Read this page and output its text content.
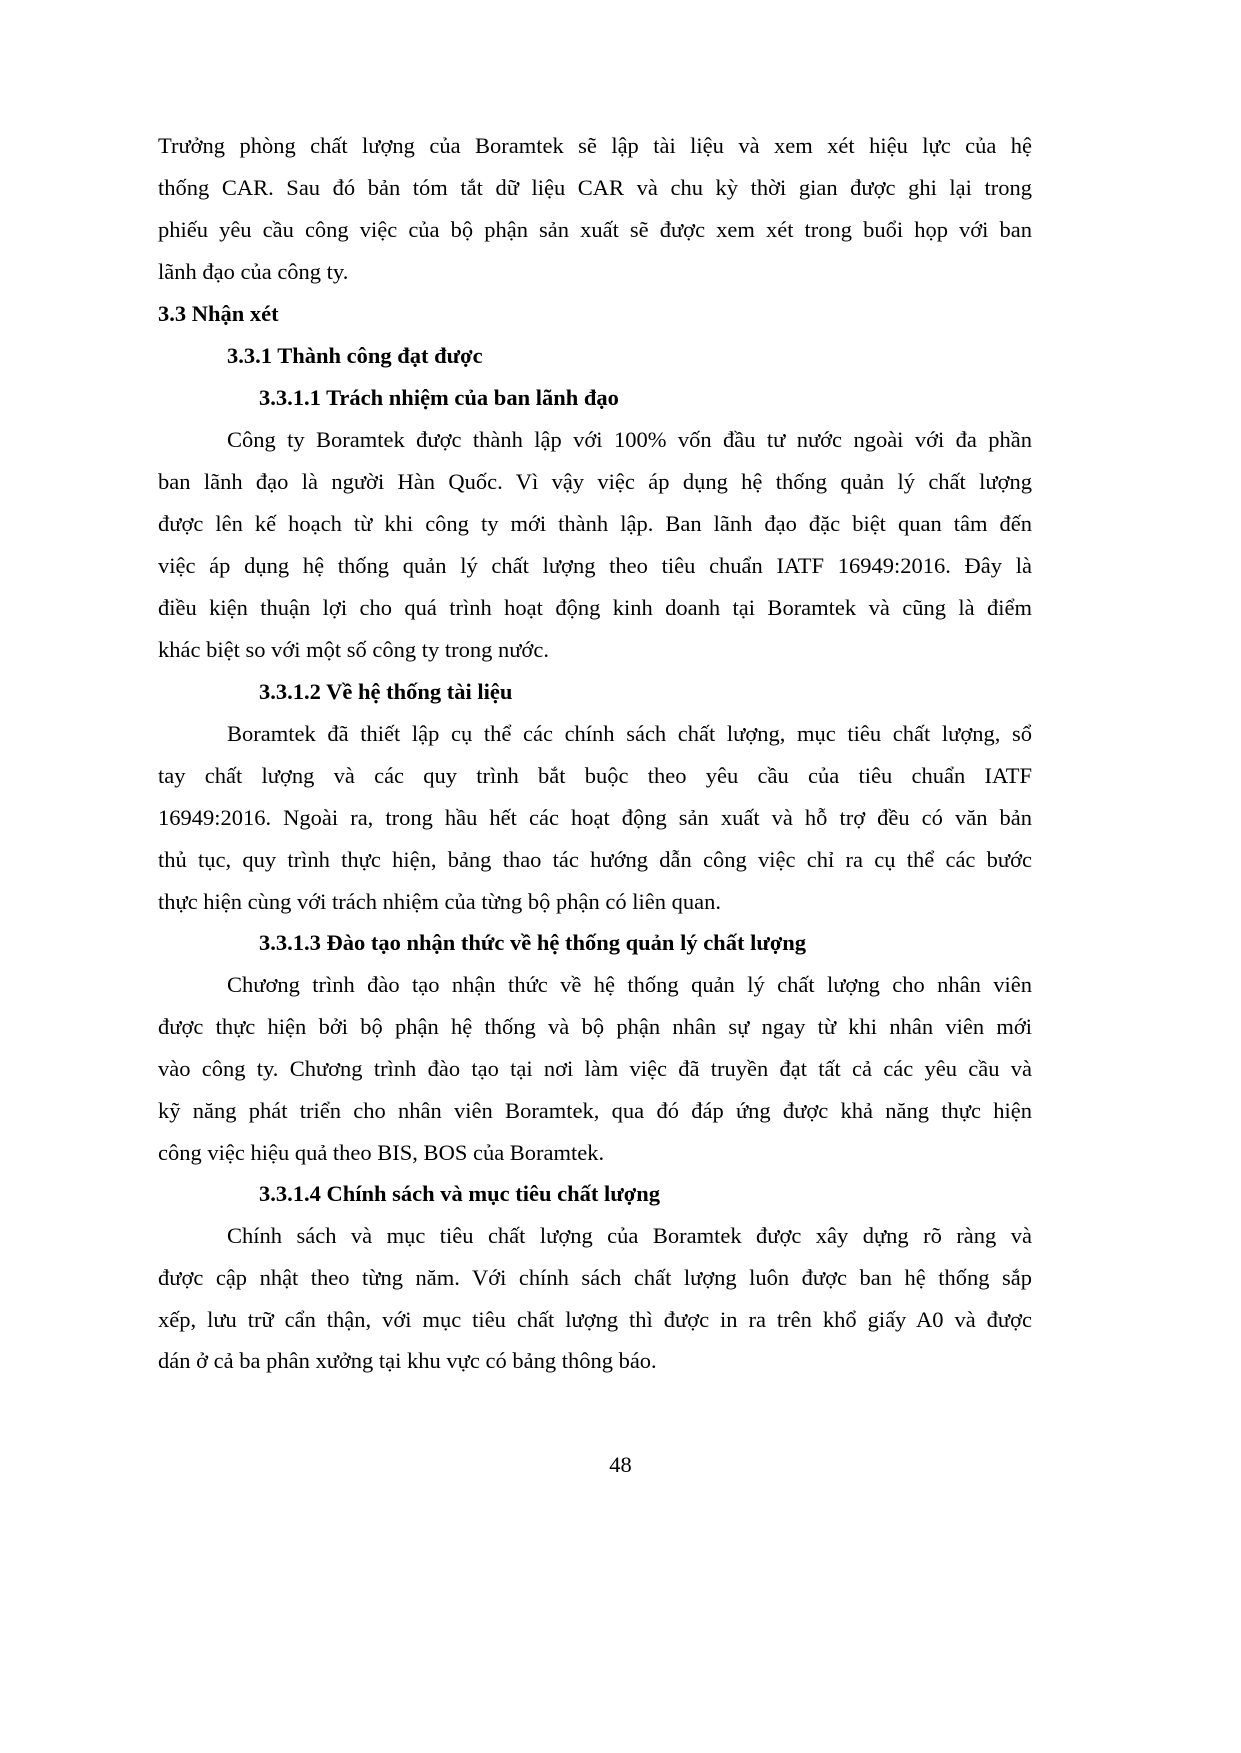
Trưởng phòng chất lượng của Boramtek sẽ lập tài liệu và xem xét hiệu lực của hệ
thống CAR. Sau đó bản tóm tắt dữ liệu CAR và chu kỳ thời gian được ghi lại trong
phiếu yêu cầu công việc của bộ phận sản xuất sẽ được xem xét trong buổi họp với ban
lãnh đạo của công ty.
3.3 Nhận xét
3.3.1 Thành công đạt được
3.3.1.1 Trách nhiệm của ban lãnh đạo
Công ty Boramtek được thành lập với 100% vốn đầu tư nước ngoài với đa phần
ban lãnh đạo là người Hàn Quốc. Vì vậy việc áp dụng hệ thống quản lý chất lượng
được lên kế hoạch từ khi công ty mới thành lập. Ban lãnh đạo đặc biệt quan tâm đến
việc áp dụng hệ thống quản lý chất lượng theo tiêu chuẩn IATF 16949:2016. Đây là
điều kiện thuận lợi cho quá trình hoạt động kinh doanh tại Boramtek và cũng là điểm
khác biệt so với một số công ty trong nước.
3.3.1.2 Về hệ thống tài liệu
Boramtek đã thiết lập cụ thể các chính sách chất lượng, mục tiêu chất lượng, sổ
tay chất lượng và các quy trình bắt buộc theo yêu cầu của tiêu chuẩn IATF
16949:2016. Ngoài ra, trong hầu hết các hoạt động sản xuất và hỗ trợ đều có văn bản
thủ tục, quy trình thực hiện, bảng thao tác hướng dẫn công việc chỉ ra cụ thể các bước
thực hiện cùng với trách nhiệm của từng bộ phận có liên quan.
3.3.1.3 Đào tạo nhận thức về hệ thống quản lý chất lượng
Chương trình đào tạo nhận thức về hệ thống quản lý chất lượng cho nhân viên
được thực hiện bởi bộ phận hệ thống và bộ phận nhân sự ngay từ khi nhân viên mới
vào công ty. Chương trình đào tạo tại nơi làm việc đã truyền đạt tất cả các yêu cầu và
kỹ năng phát triển cho nhân viên Boramtek, qua đó đáp ứng được khả năng thực hiện
công việc hiệu quả theo BIS, BOS của Boramtek.
3.3.1.4 Chính sách và mục tiêu chất lượng
Chính sách và mục tiêu chất lượng của Boramtek được xây dựng rõ ràng và
được cập nhật theo từng năm. Với chính sách chất lượng luôn được ban hệ thống sắp
xếp, lưu trữ cẩn thận, với mục tiêu chất lượng thì được in ra trên khổ giấy A0 và được
dán ở cả ba phân xưởng tại khu vực có bảng thông báo.
48
